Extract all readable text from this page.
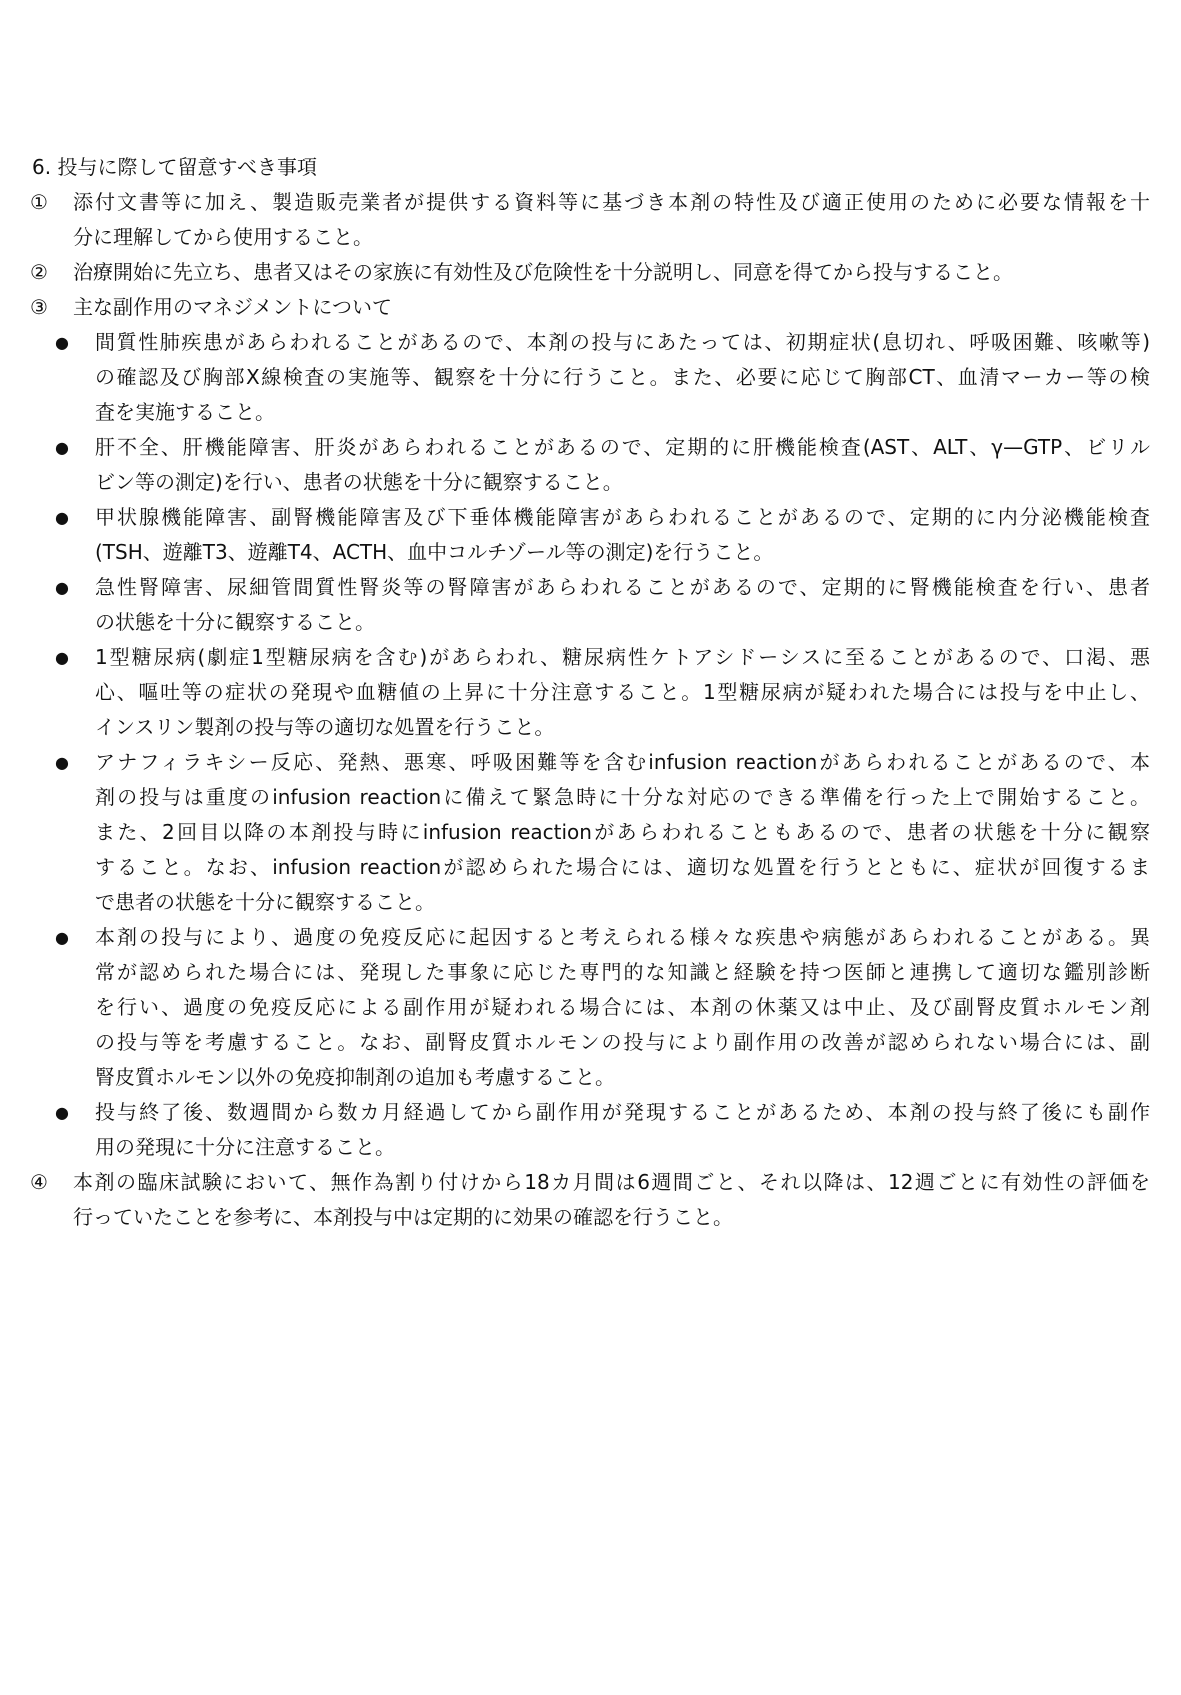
6. 投与に際して留意すべき事項
① 添付文書等に加え、製造販売業者が提供する資料等に基づき本剤の特性及び適正使用のために必要な情報を十
分に理解してから使用すること。
② 治療開始に先立ち、患者又はその家族に有効性及び危険性を十分説明し、同意を得てから投与すること。
③ 主な副作用のマネジメントについて
● 間質性肺疾患があらわれることがあるので、本剤の投与にあたっては、初期症状(息切れ、呼吸困難、咳嗽等)
の確認及び胸部X線検査の実施等、観察を十分に行うこと。また、必要に応じて胸部CT、血清マーカー等の検
査を実施すること。
● 肝不全、肝機能障害、肝炎があらわれることがあるので、定期的に肝機能検査(AST、ALT、γ—GTP、ビリル
ビン等の測定)を行い、患者の状態を十分に観察すること。
● 甲状腺機能障害、副腎機能障害及び下垂体機能障害があらわれることがあるので、定期的に内分泌機能検査
(TSH、遊離T3、遊離T4、ACTH、血中コルチゾール等の測定)を行うこと。
● 急性腎障害、尿細管間質性腎炎等の腎障害があらわれることがあるので、定期的に腎機能検査を行い、患者
の状態を十分に観察すること。
● 1型糖尿病(劇症1型糖尿病を含む)があらわれ、糖尿病性ケトアシドーシスに至ることがあるので、口渇、悪
心、嘔吐等の症状の発現や血糖値の上昇に十分注意すること。1型糖尿病が疑われた場合には投与を中止し、
インスリン製剤の投与等の適切な処置を行うこと。
● アナフィラキシー反応、発熱、悪寒、呼吸困難等を含むinfusion reactionがあらわれることがあるので、本
剤の投与は重度のinfusion reactionに備えて緊急時に十分な対応のできる準備を行った上で開始すること。
また、2回目以降の本剤投与時にinfusion reactionがあらわれることもあるので、患者の状態を十分に観察
すること。なお、infusion reactionが認められた場合には、適切な処置を行うとともに、症状が回復するま
で患者の状態を十分に観察すること。
● 本剤の投与により、過度の免疫反応に起因すると考えられる様々な疾患や病態があらわれることがある。異
常が認められた場合には、発現した事象に応じた専門的な知識と経験を持つ医師と連携して適切な鑑別診断
を行い、過度の免疫反応による副作用が疑われる場合には、本剤の休薬又は中止、及び副腎皮質ホルモン剤
の投与等を考慮すること。なお、副腎皮質ホルモンの投与により副作用の改善が認められない場合には、副
腎皮質ホルモン以外の免疫抑制剤の追加も考慮すること。
● 投与終了後、数週間から数カ月経過してから副作用が発現することがあるため、本剤の投与終了後にも副作
用の発現に十分に注意すること。
④ 本剤の臨床試験において、無作為割り付けから18カ月間は6週間ごと、それ以降は、12週ごとに有効性の評価を
行っていたことを参考に、本剤投与中は定期的に効果の確認を行うこと。
